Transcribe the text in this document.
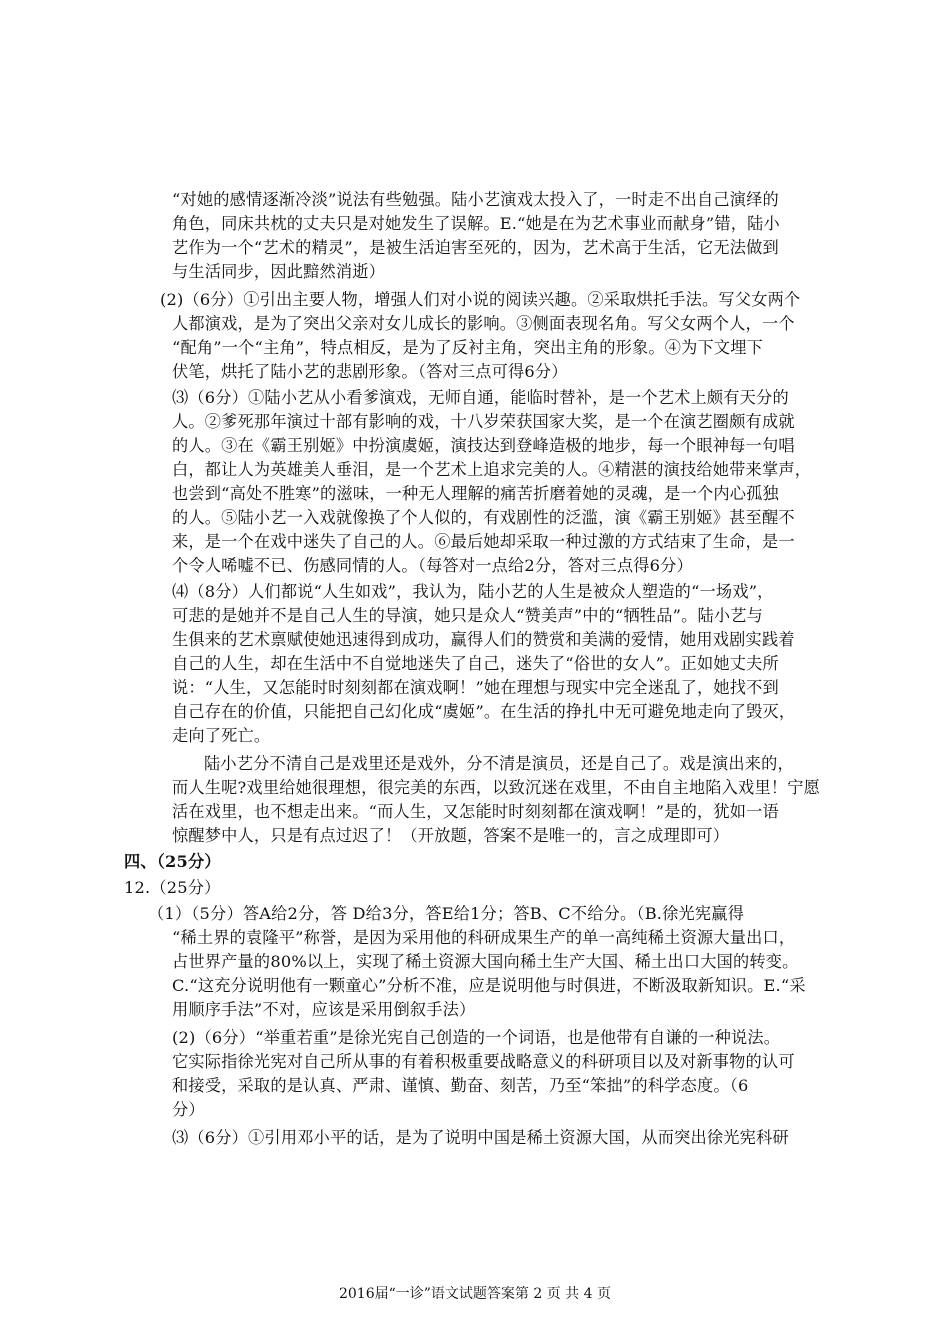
“对她的感情逐渐冷淡”说法有些勉强。陆小艺演戏太投入了，一时走不出自己演绎的
角色，同床共枕的丈夫只是对她发生了误解。E.“她是在为艺术事业而献身”错，陆小
艺作为一个“艺术的精灵”，是被生活迫害至死的，因为，艺术高于生活，它无法做到
与生活同步，因此黯然消逝）
(2)（6分）①引出主要人物，增强人们对小说的阅读兴趣。②采取烘托手法。写父女两个
人都演戏，是为了突出父亲对女儿成长的影响。③侧面表现名角。写父女两个人，一个
“配角”一个“主角”，特点相反，是为了反衬主角，突出主角的形象。④为下文埋下
伏笔，烘托了陆小艺的悲剧形象。（答对三点可得6分）
⑶（6分）①陆小艺从小看爹演戏，无师自通，能临时替补，是一个艺术上颇有天分的
人。②爹死那年演过十部有影响的戏，十八岁荣获国家大奖，是一个在演艺圈颇有成就
的人。③在《霸王别姬》中扮演虞姬，演技达到登峰造极的地步，每一个眼神每一句唱
白，都让人为英雄美人垂泪，是一个艺术上追求完美的人。④精湛的演技给她带来掌声，
也尝到“高处不胜寒”的滋味，一种无人理解的痛苦折磨着她的灵魂，是一个内心孤独
的人。⑤陆小艺一入戏就像换了个人似的，有戏剧性的泛滥，演《霸王别姬》甚至醒不
来，是一个在戏中迷失了自己的人。⑥最后她却采取一种过激的方式结束了生命，是一
个令人唏嘘不已、伤感同情的人。（每答对一点给2分，答对三点得6分）
⑷（8分）人们都说“人生如戏”，我认为，陆小艺的人生是被众人塑造的“一场戏”，
可悲的是她并不是自己人生的导演，她只是众人“赞美声”中的“牺牲品”。陆小艺与
生俱来的艺术禀赋使她迅速得到成功，赢得人们的赞赏和美满的爱情，她用戏剧实践着
自己的人生，却在生活中不自觉地迷失了自己，迷失了“俗世的女人”。正如她丈夫所
说：“人生，又怎能时时刻刻都在演戏啊！”她在理想与现实中完全迷乱了，她找不到
自己存在的价值，只能把自己幻化成“虞姬”。在生活的挣扎中无可避免地走向了毁灭，
走向了死亡。
陆小艺分不清自己是戏里还是戏外，分不清是演员，还是自己了。戏是演出来的，
而人生呢?戏里给她很理想，很完美的东西，以致沉迷在戏里，不由自主地陷入戏里！宁愿
活在戏里，也不想走出来。“而人生，又怎能时时刻刻都在演戏啊！”是的，犹如一语
惊醒梦中人，只是有点过迟了！（开放题，答案不是唯一的，言之成理即可）
四、（25分）
12.（25分）
（1）（5分）答A给2分，答 D给3分，答E给1分；答B、C不给分。（B.徐光宪赢得
“稀土界的袁隆平”称誉，是因为采用他的科研成果生产的单一高纯稀土资源大量出口，
占世界产量的80%以上，实现了稀土资源大国向稀土生产大国、稀土出口大国的转变。
C.“这充分说明他有一颗童心”分析不准，应是说明他与时俱进，不断汲取新知识。E.“采
用顺序手法”不对，应该是采用倒叙手法）
(2)（6分）“举重若重”是徐光宪自己创造的一个词语，也是他带有自谦的一种说法。
它实际指徐光宪对自己所从事的有着积极重要战略意义的科研项目以及对新事物的认可
和接受，采取的是认真、严肃、谨慎、勤奋、刻苦，乃至“笨拙”的科学态度。（6
分）
⑶（6分）①引用邓小平的话，是为了说明中国是稀土资源大国，从而突出徐光宪科研
2016届“一诊”语文试题答案第 2 页 共 4 页
